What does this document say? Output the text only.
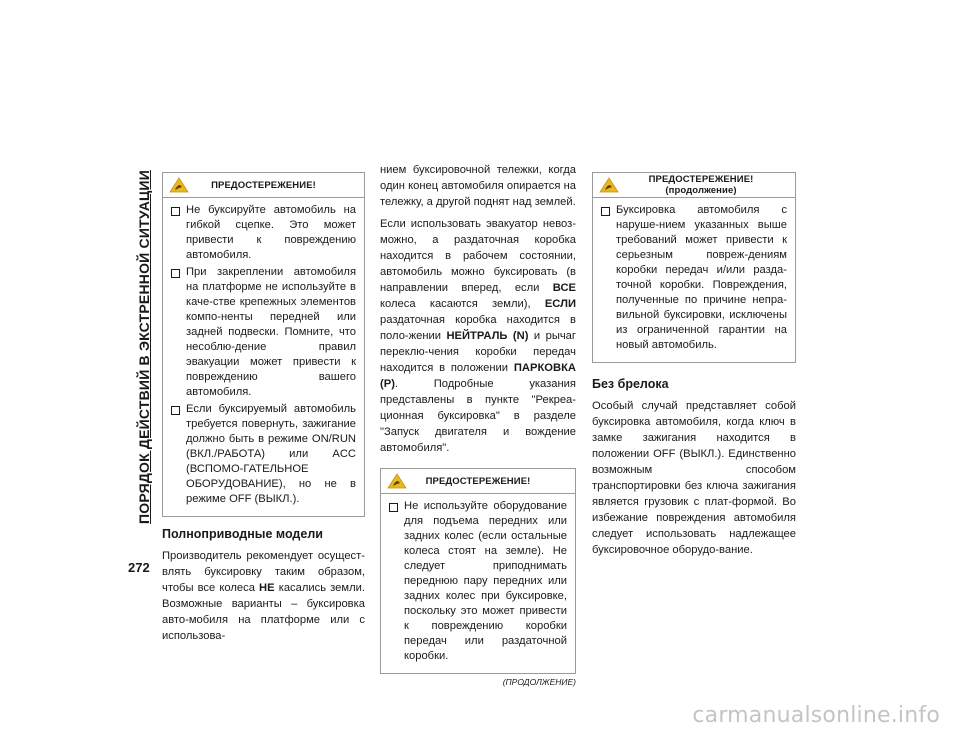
ПОРЯДОК ДЕЙСТВИЙ В ЭКСТРЕННОЙ СИТУАЦИИ
272
ПРЕДОСТЕРЕЖЕНИЕ!
Не буксируйте автомобиль на гибкой сцепке. Это может привести к повреждению автомобиля.
При закреплении автомобиля на платформе не используйте в каче-стве крепежных элементов компо-ненты передней или задней подвески. Помните, что несоблю-дение правил эвакуации может привести к повреждению вашего автомобиля.
Если буксируемый автомобиль требуется повернуть, зажигание должно быть в режиме ON/RUN (ВКЛ./РАБОТА) или ACC (ВСПОМО-ГАТЕЛЬНОЕ ОБОРУДОВАНИЕ), но не в режиме OFF (ВЫКЛ.).
Полноприводные модели

Производитель рекомендует осущест-влять буксировку таким образом, чтобы все колеса НЕ касались земли. Возможные варианты – буксировка авто-мобиля на платформе или с использова-

нием буксировочной тележки, когда один конец автомобиля опирается на тележку, а другой поднят над землей.

Если использовать эвакуатор невоз-можно, а раздаточная коробка находится в рабочем состоянии, автомобиль можно буксировать (в направлении вперед, если ВСЕ колеса касаются земли), ЕСЛИ раздаточная коробка находится в поло-жении НЕЙТРАЛЬ (N) и рычаг переклю-чения коробки передач находится в положении ПАРКОВКА (P). Подробные указания представлены в пункте "Рекреа-ционная буксировка" в разделе "Запуск двигателя и вождение автомобиля".

ПРЕДОСТЕРЕЖЕНИЕ!
Не используйте оборудование для подъема передних или задних колес (если остальные колеса стоят на земле). Не следует приподнимать переднюю пару передних или задних колес при буксировке, поскольку это может привести к повреждению коробки передач или раздаточной коробки.
(ПРОДОЛЖЕНИЕ)
ПРЕДОСТЕРЕЖЕНИЕ! (продолжение)
Буксировка автомобиля с наруше-нием указанных выше требований может привести к серьезным повреж-дениям коробки передач и/или разда-точной коробки. Повреждения, полученные по причине непра-вильной буксировки, исключены из ограниченной гарантии на новый автомобиль.
Без брелока

Особый случай представляет собой буксировка автомобиля, когда ключ в замке зажигания находится в положении OFF (ВЫКЛ.). Единственно возможным способом транспортировки без ключа зажигания является грузовик с плат-формой. Во избежание повреждения автомобиля следует использовать надлежащее буксировочное оборудо-вание.

carmanualsonline.info
